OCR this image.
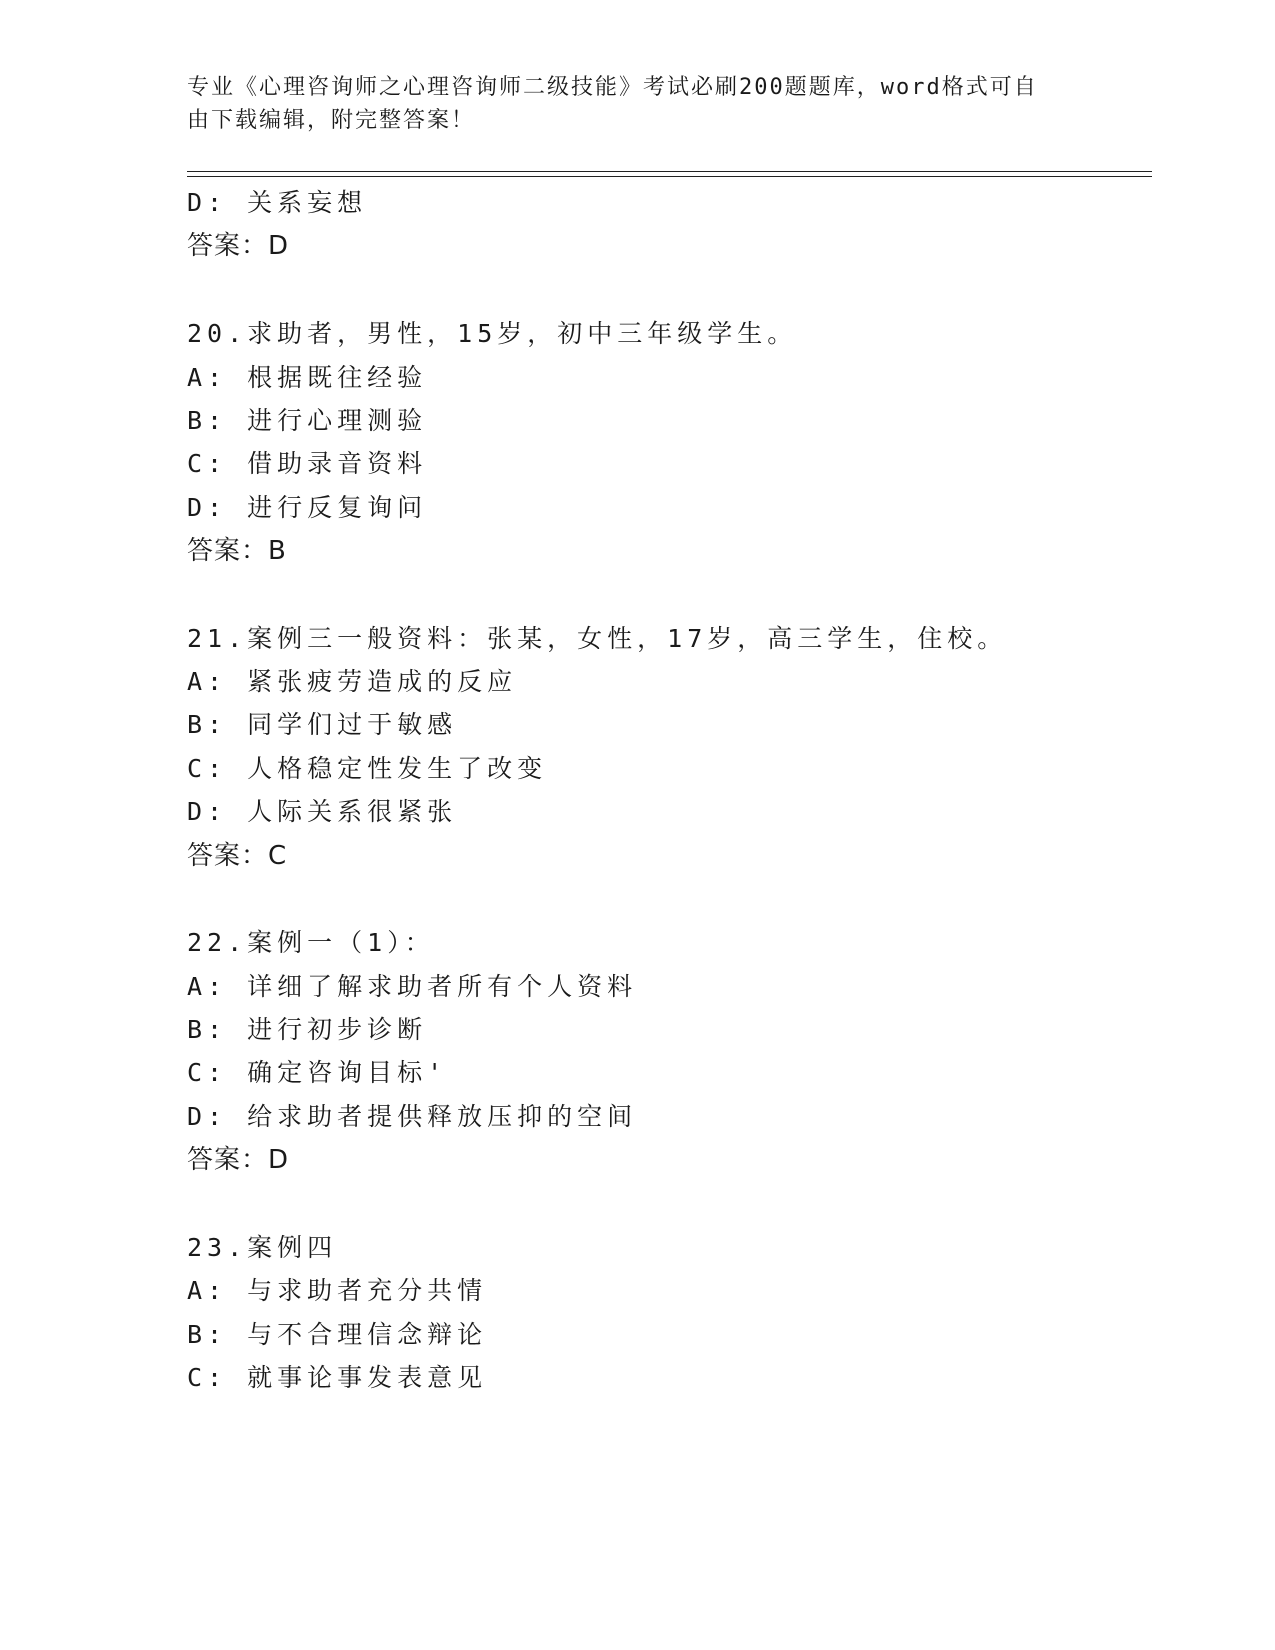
专业《心理咨询师之心理咨询师二级技能》考试必刷200题题库，word格式可自
由下载编辑，附完整答案！
D: 关系妄想
答案：D
20.求助者，男性，15岁，初中三年级学生。
A: 根据既往经验
B: 进行心理测验
C: 借助录音资料
D: 进行反复询问
答案：B
21.案例三一般资料：张某，女性，17岁，高三学生，住校。
A: 紧张疲劳造成的反应
B: 同学们过于敏感
C: 人格稳定性发生了改变
D: 人际关系很紧张
答案：C
22.案例一（1）：
A: 详细了解求助者所有个人资料
B: 进行初步诊断
C: 确定咨询目标'
D: 给求助者提供释放压抑的空间
答案：D
23.案例四
A: 与求助者充分共情
B: 与不合理信念辩论
C: 就事论事发表意见
